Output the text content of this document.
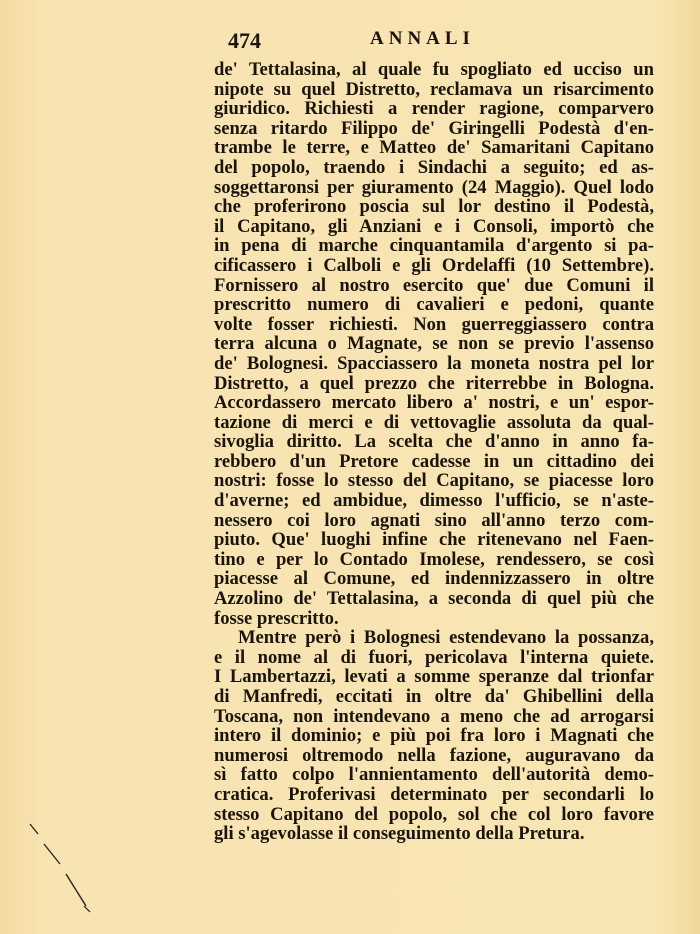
474	ANNALI
de' Tettalasina, al quale fu spogliato ed ucciso un
nipote su quel Distretto, reclamava un risarcimento
giuridico. Richiesti a render ragione, comparvero
senza ritardo Filippo de' Giringelli Podestà d'en-
trambe le terre, e Matteo de' Samaritani Capitano
del popolo, traendo i Sindachi a seguito; ed as-
soggettaronsi per giuramento (24 Maggio). Quel lodo
che proferirono poscia sul lor destino il Podestà,
il Capitano, gli Anziani e i Consoli, importò che
in pena di marche cinquantamila d'argento si pa-
cificassero i Calboli e gli Ordelaffi (10 Settembre).
Fornissero al nostro esercito que' due Comuni il
prescritto numero di cavalieri e pedoni, quante
volte fosser richiesti. Non guerreggiassero contra
terra alcuna o Magnate, se non se previo l'assenso
de' Bolognesi. Spacciassero la moneta nostra pel lor
Distretto, a quel prezzo che riterrebbe in Bologna.
Accordassero mercato libero a' nostri, e un' espor-
tazione di merci e di vettovaglie assoluta da qual-
sivoglia diritto. La scelta che d'anno in anno fa-
rebbero d'un Pretore cadesse in un cittadino dei
nostri: fosse lo stesso del Capitano, se piacesse loro
d'averne; ed ambidue, dimesso l'ufficio, se n'aste-
nessero coi loro agnati sino all'anno terzo com-
piuto. Que' luoghi infine che ritenevano nel Faen-
tino e per lo Contado Imolese, rendessero, se così
piacesse al Comune, ed indennizzassero in oltre
Azzolino de' Tettalasina, a seconda di quel più che
fosse prescritto.
Mentre però i Bolognesi estendevano la possanza,
e il nome al di fuori, pericolava l'interna quiete.
I Lambertazzi, levati a somme speranze dal trionfar
di Manfredi, eccitati in oltre da' Ghibellini della
Toscana, non intendevano a meno che ad arrogarsi
intero il dominio; e più poi fra loro i Magnati che
numerosi oltremodo nella fazione, auguravano da
sì fatto colpo l'annientamento dell'autorità demo-
cratica. Proferivasi determinato per secondarli lo
stesso Capitano del popolo, sol che col loro favore
gli s'agevolasse il conseguimento della Pretura.
